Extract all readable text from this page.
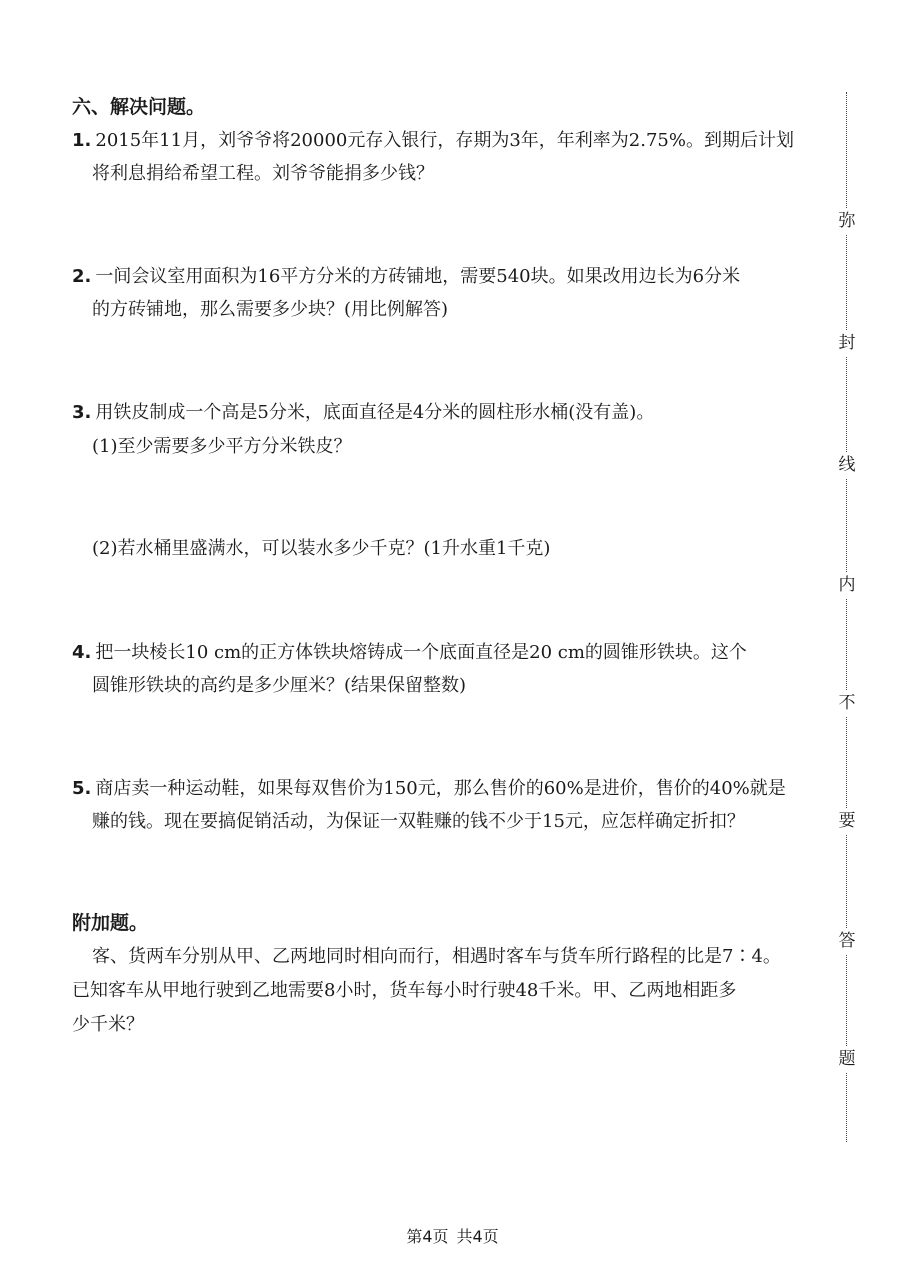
六、解决问题。
1. 2015年11月，刘爷爷将20000元存入银行，存期为3年，年利率为2.75%。到期后计划
将利息捐给希望工程。刘爷爷能捐多少钱？
2. 一间会议室用面积为16平方分米的方砖铺地，需要540块。如果改用边长为6分米
的方砖铺地，那么需要多少块？(用比例解答)
3. 用铁皮制成一个高是5分米，底面直径是4分米的圆柱形水桶(没有盖)。
(1)至少需要多少平方分米铁皮？
(2)若水桶里盛满水，可以装水多少千克？(1升水重1千克)
4. 把一块棱长10 cm的正方体铁块熔铸成一个底面直径是20 cm的圆锥形铁块。这个
圆锥形铁块的高约是多少厘米？(结果保留整数)
5. 商店卖一种运动鞋，如果每双售价为150元，那么售价的60%是进价，售价的40%就是
赚的钱。现在要搞促销活动，为保证一双鞋赚的钱不少于15元，应怎样确定折扣？
附加题。
客、货两车分别从甲、乙两地同时相向而行，相遇时客车与货车所行路程的比是7∶4。
已知客车从甲地行驶到乙地需要8小时，货车每小时行驶48千米。甲、乙两地相距多
少千米？
第4页 共4页
弥
封
线
内
不
要
答
题
